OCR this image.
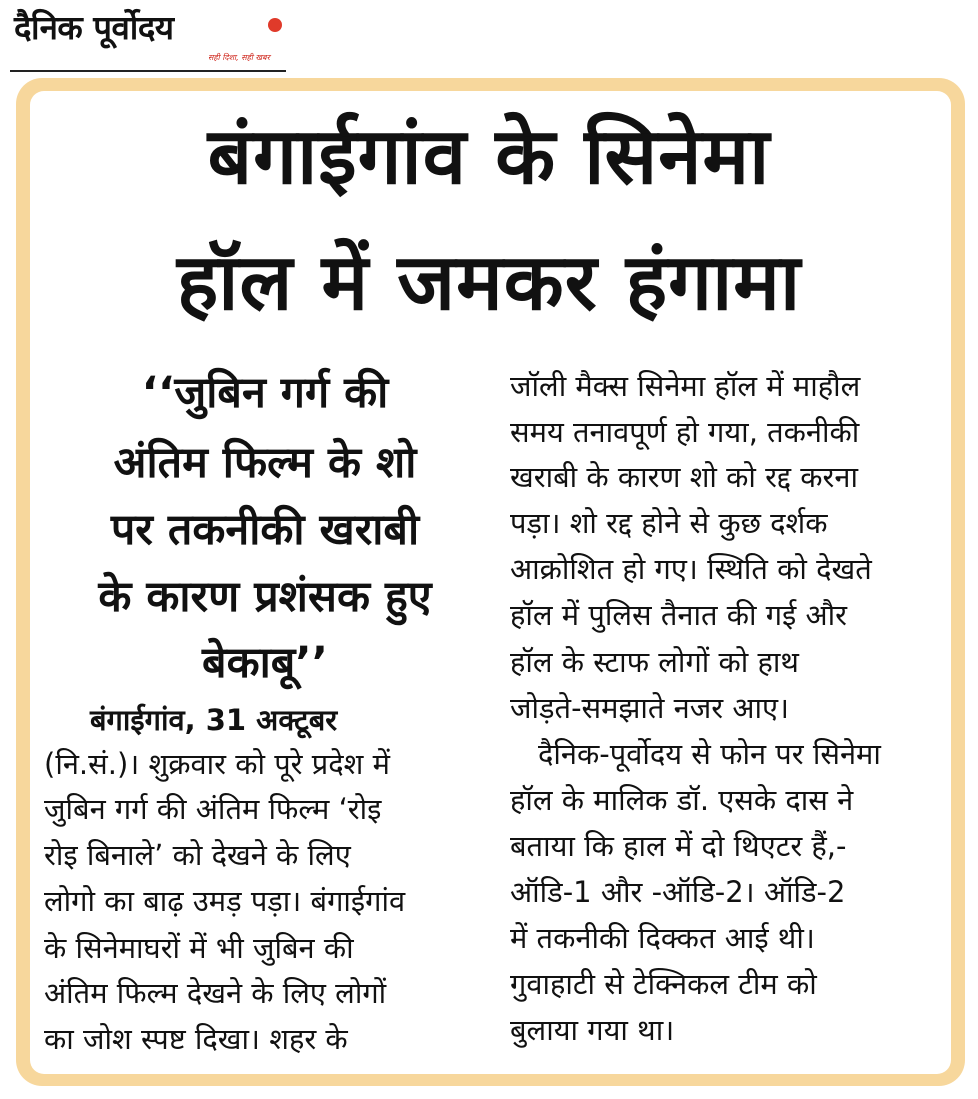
दैनिक पूर्वोदय
सही दिशा, सही खबर
बंगाईगांव के सिनेमा
हॉल में जमकर हंगामा
‘‘जुबिन गर्ग की
अंतिम फिल्म के शो
पर तकनीकी खराबी
के कारण प्रशंसक हुए
बेकाबू’’
बंगाईगांव, 31 अक्टूबर
(नि.सं.)। शुक्रवार को पूरे प्रदेश में
जुबिन गर्ग की अंतिम फिल्म ‘रोइ
रोइ बिनाले’ को देखने के लिए
लोगो का बाढ़ उमड़ पड़ा। बंगाईगांव
के सिनेमाघरों में भी जुबिन की
अंतिम फिल्म देखने के लिए लोगों
का जोश स्पष्ट दिखा। शहर के
जॉली मैक्स सिनेमा हॉल में माहौल
समय तनावपूर्ण हो गया, तकनीकी
खराबी के कारण शो को रद्द करना
पड़ा। शो रद्द होने से कुछ दर्शक
आक्रोशित हो गए। स्थिति को देखते
हॉल में पुलिस तैनात की गई और
हॉल के स्टाफ लोगों को हाथ
जोड़ते-समझाते नजर आए।
दैनिक-पूर्वोदय से फोन पर सिनेमा
हॉल के मालिक डॉ. एसके दास ने
बताया कि हाल में दो थिएटर हैं,-
ऑडि-1 और -ऑडि-2। ऑडि-2
में तकनीकी दिक्कत आई थी।
गुवाहाटी से टेक्निकल टीम को
बुलाया गया था।
